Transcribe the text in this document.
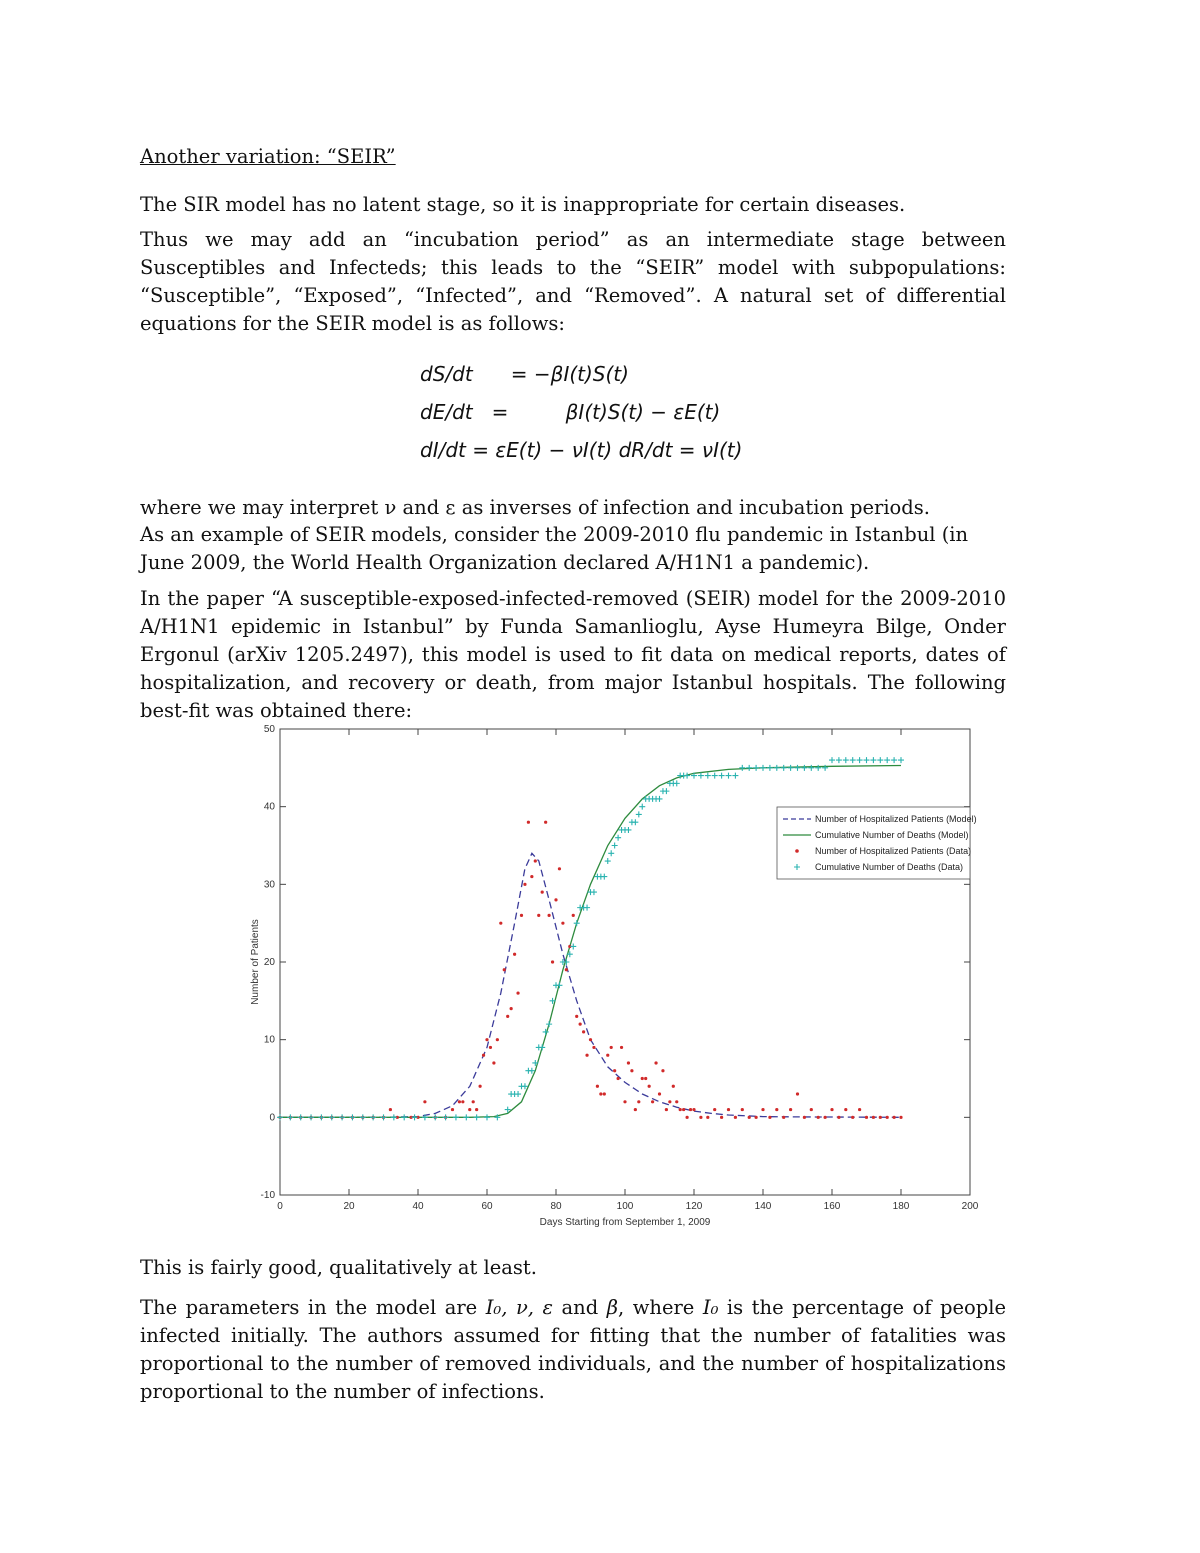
Another variation: “SEIR”

The SIR model has no latent stage, so it is inappropriate for certain diseases.

Thus we may add an “incubation period” as an intermediate stage between Susceptibles and Infecteds; this leads to the “SEIR” model with subpopulations: “Susceptible”, “Exposed”, “Infected”, and “Removed”. A natural set of differential equations for the SEIR model is as follows:

dS/dt      = −βI(t)S(t)

dE/dt   =         βI(t)S(t) − εE(t)

dI/dt = εE(t) − νI(t) dR/dt = νI(t)

where we may interpret ν and ε as inverses of infection and incubation periods.

As an example of SEIR models, consider the 2009-2010 flu pandemic in Istanbul (in June 2009, the World Health Organization declared A/H1N1 a pandemic).

In the paper “A susceptible-exposed-infected-removed (SEIR) model for the 2009-2010 A/H1N1 epidemic in Istanbul” by Funda Samanlioglu, Ayse Humeyra Bilge, Onder Ergonul (arXiv 1205.2497), this model is used to fit data on medical reports, dates of hospitalization, and recovery or death, from major Istanbul hospitals. The following best-fit was obtained there:

0	20	40	60	80	100	120	140	160	180	200
-10
0
10
20
30
40
50
Number of Hospitalized Patients (Model)
Cumulative Number of Deaths (Model)
Number of Hospitalized Patients (Data)
Cumulative Number of Deaths (Data)
Days Starting from September 1, 2009
Number of Patients

This is fairly good, qualitatively at least.

The parameters in the model are I₀, ν, ε and β, where I₀ is the percentage of people infected initially. The authors assumed for fitting that the number of fatalities was proportional to the number of removed individuals, and the number of hospitalizations proportional to the number of infections.
